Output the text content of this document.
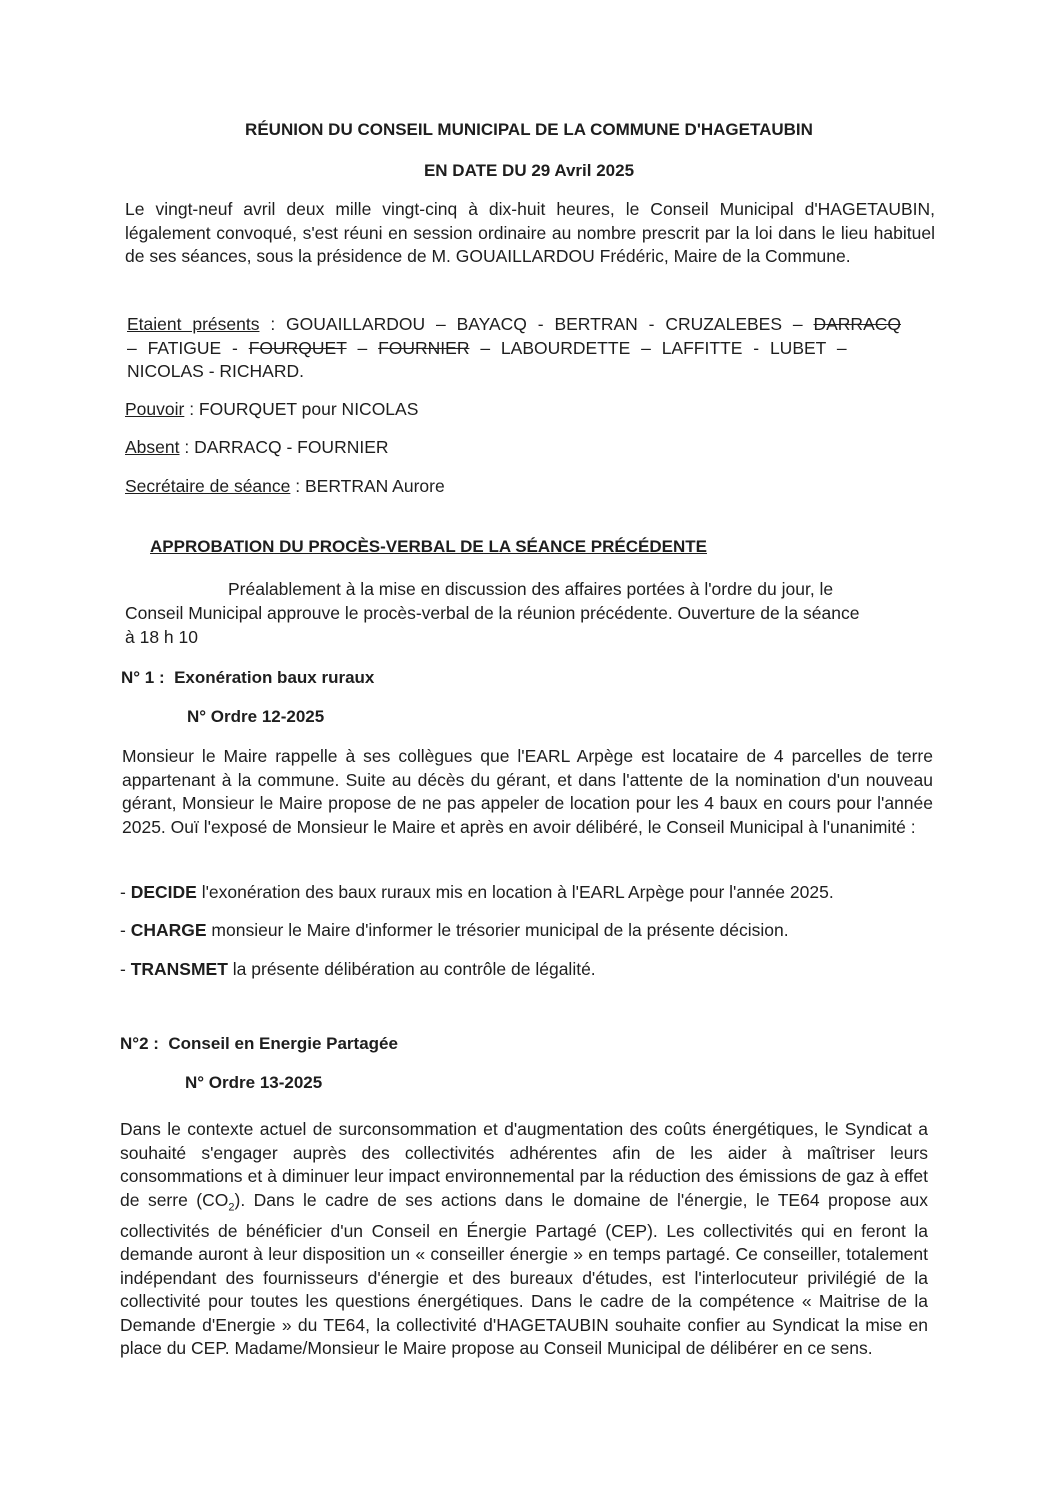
RÉUNION DU CONSEIL MUNICIPAL DE LA COMMUNE D'HAGETAUBIN
EN DATE DU 29 Avril 2025
Le vingt-neuf avril deux mille vingt-cinq à dix-huit heures, le Conseil Municipal d'HAGETAUBIN, légalement convoqué, s'est réuni en session ordinaire au nombre prescrit par la loi dans le lieu habituel de ses séances, sous la présidence de M. GOUAILLARDOU Frédéric, Maire de la Commune.
Etaient présents : GOUAILLARDOU – BAYACQ - BERTRAN - CRUZALEBES – DARRACQ
– FATIGUE - FOURQUET – FOURNIER – LABOURDETTE – LAFFITTE - LUBET –
NICOLAS - RICHARD.
Pouvoir : FOURQUET pour NICOLAS
Absent : DARRACQ - FOURNIER
Secrétaire de séance : BERTRAN Aurore
APPROBATION DU PROCÈS-VERBAL DE LA SÉANCE PRÉCÉDENTE
Préalablement à la mise en discussion des affaires portées à l'ordre du jour, le
Conseil Municipal approuve le procès-verbal de la réunion précédente. Ouverture de la séance
à 18 h 10
N° 1 : Exonération baux ruraux
N° Ordre 12-2025
Monsieur le Maire rappelle à ses collègues que l'EARL Arpège est locataire de 4 parcelles de terre appartenant à la commune. Suite au décès du gérant, et dans l'attente de la nomination d'un nouveau gérant, Monsieur le Maire propose de ne pas appeler de location pour les 4 baux en cours pour l'année 2025. Ouï l'exposé de Monsieur le Maire et après en avoir délibéré, le Conseil Municipal à l'unanimité :
- DECIDE l'exonération des baux ruraux mis en location à l'EARL Arpège pour l'année 2025.
- CHARGE monsieur le Maire d'informer le trésorier municipal de la présente décision.
- TRANSMET la présente délibération au contrôle de légalité.
N°2 : Conseil en Energie Partagée
N° Ordre 13-2025
Dans le contexte actuel de surconsommation et d'augmentation des coûts énergétiques, le Syndicat a souhaité s'engager auprès des collectivités adhérentes afin de les aider à maîtriser leurs consommations et à diminuer leur impact environnemental par la réduction des émissions de gaz à effet de serre $(CO_2)$. Dans le cadre de ses actions dans le domaine de l'énergie, le TE64 propose aux collectivités de bénéficier d'un Conseil en Énergie Partagé (CEP). Les collectivités qui en feront la demande auront à leur disposition un « conseiller énergie » en temps partagé. Ce conseiller, totalement indépendant des fournisseurs d'énergie et des bureaux d'études, est l'interlocuteur privilégié de la collectivité pour toutes les questions énergétiques. Dans le cadre de la compétence « Maitrise de la Demande d'Energie » du TE64, la collectivité d'HAGETAUBIN souhaite confier au Syndicat la mise en place du CEP. Madame/Monsieur le Maire propose au Conseil Municipal de délibérer en ce sens.
